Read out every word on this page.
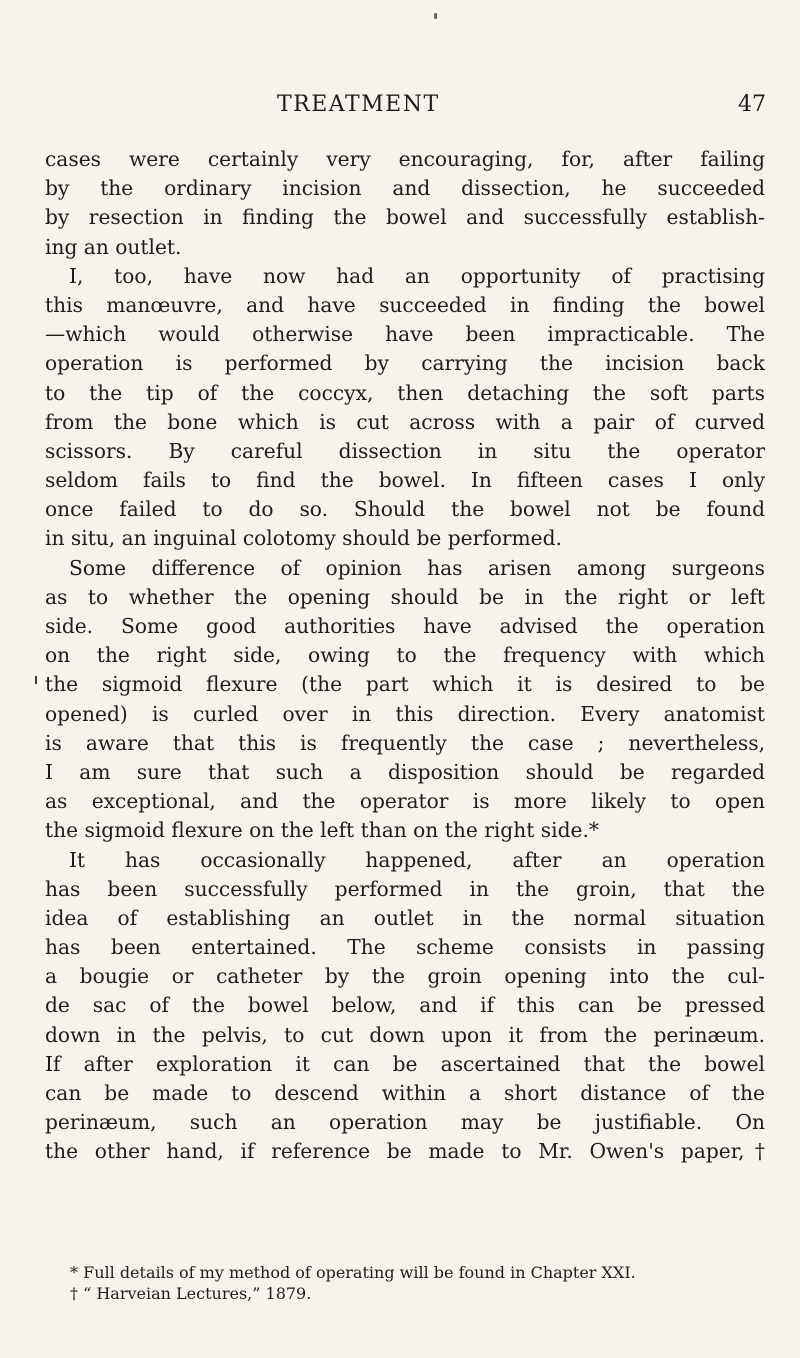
TREATMENT	47
cases were certainly very encouraging, for, after failing
by the ordinary incision and dissection, he succeeded
by resection in finding the bowel and successfully establish-
ing an outlet.
I, too, have now had an opportunity of practising
this manœuvre, and have succeeded in finding the bowel
—which would otherwise have been impracticable. The
operation is performed by carrying the incision back
to the tip of the coccyx, then detaching the soft parts
from the bone which is cut across with a pair of curved
scissors. By careful dissection in situ the operator
seldom fails to find the bowel. In fifteen cases I only
once failed to do so. Should the bowel not be found
in situ, an inguinal colotomy should be performed.
Some difference of opinion has arisen among surgeons
as to whether the opening should be in the right or left
side. Some good authorities have advised the operation
on the right side, owing to the frequency with which
the sigmoid flexure (the part which it is desired to be
opened) is curled over in this direction. Every anatomist
is aware that this is frequently the case ; nevertheless,
I am sure that such a disposition should be regarded
as exceptional, and the operator is more likely to open
the sigmoid flexure on the left than on the right side.*
It has occasionally happened, after an operation
has been successfully performed in the groin, that the
idea of establishing an outlet in the normal situation
has been entertained. The scheme consists in passing
a bougie or catheter by the groin opening into the cul-
de sac of the bowel below, and if this can be pressed
down in the pelvis, to cut down upon it from the perinæum.
If after exploration it can be ascertained that the bowel
can be made to descend within a short distance of the
perinæum, such an operation may be justifiable. On
the other hand, if reference be made to Mr. Owen's paper,†
* Full details of my method of operating will be found in Chapter XXI.
† “ Harveian Lectures,” 1879.
